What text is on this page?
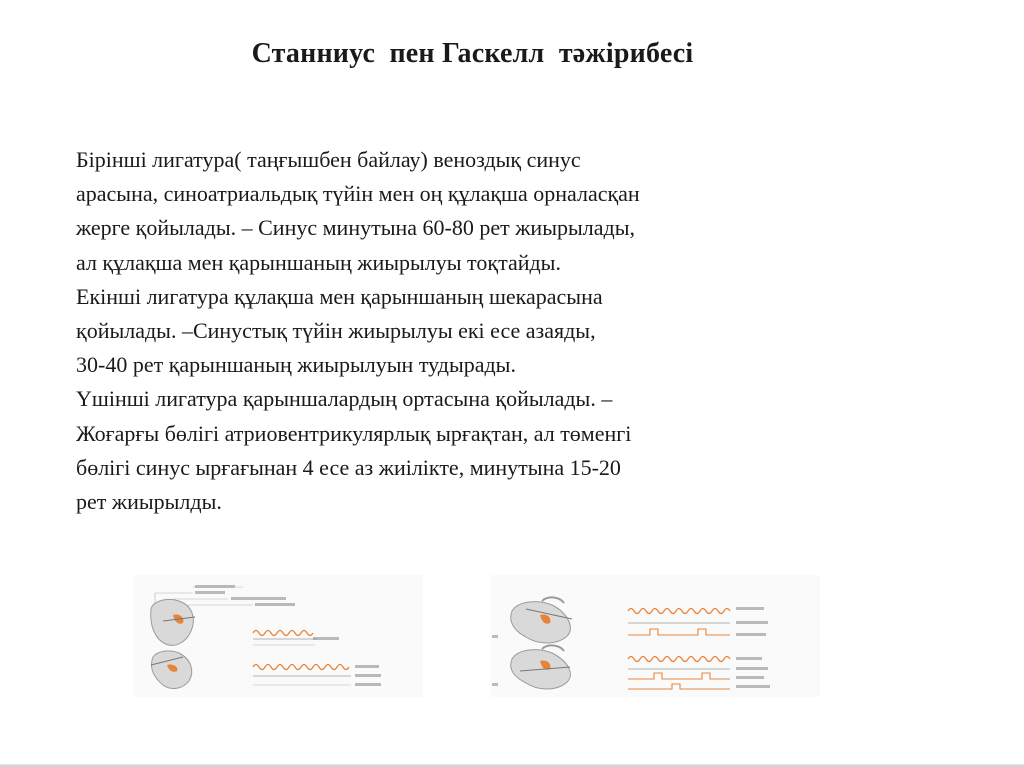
Станниус  пен Гаскелл  тәжірибесі
Бірінші лигатура( таңғышбен байлау) веноздық синус
арасына, синоатриальдық түйін мен оң құлақша орналасқан
жерге қойылады. – Синус минутына 60-80 рет жиырылады,
ал құлақша мен қарыншаның жиырылуы тоқтайды.
Екінші лигатура құлақша мен қарыншаның шекарасына
қойылады. –Синустық түйін жиырылуы екі есе азаяды,
30-40 рет қарыншаның жиырылуын тудырады.
Үшінші лигатура қарыншалардың ортасына қойылады. –
Жоғарғы бөлігі атриовентрикулярлық ырғақтан, ал төменгі
бөлігі синус ырғағынан 4 есе аз жиілікте, минутына 15-20
рет жиырылды.
